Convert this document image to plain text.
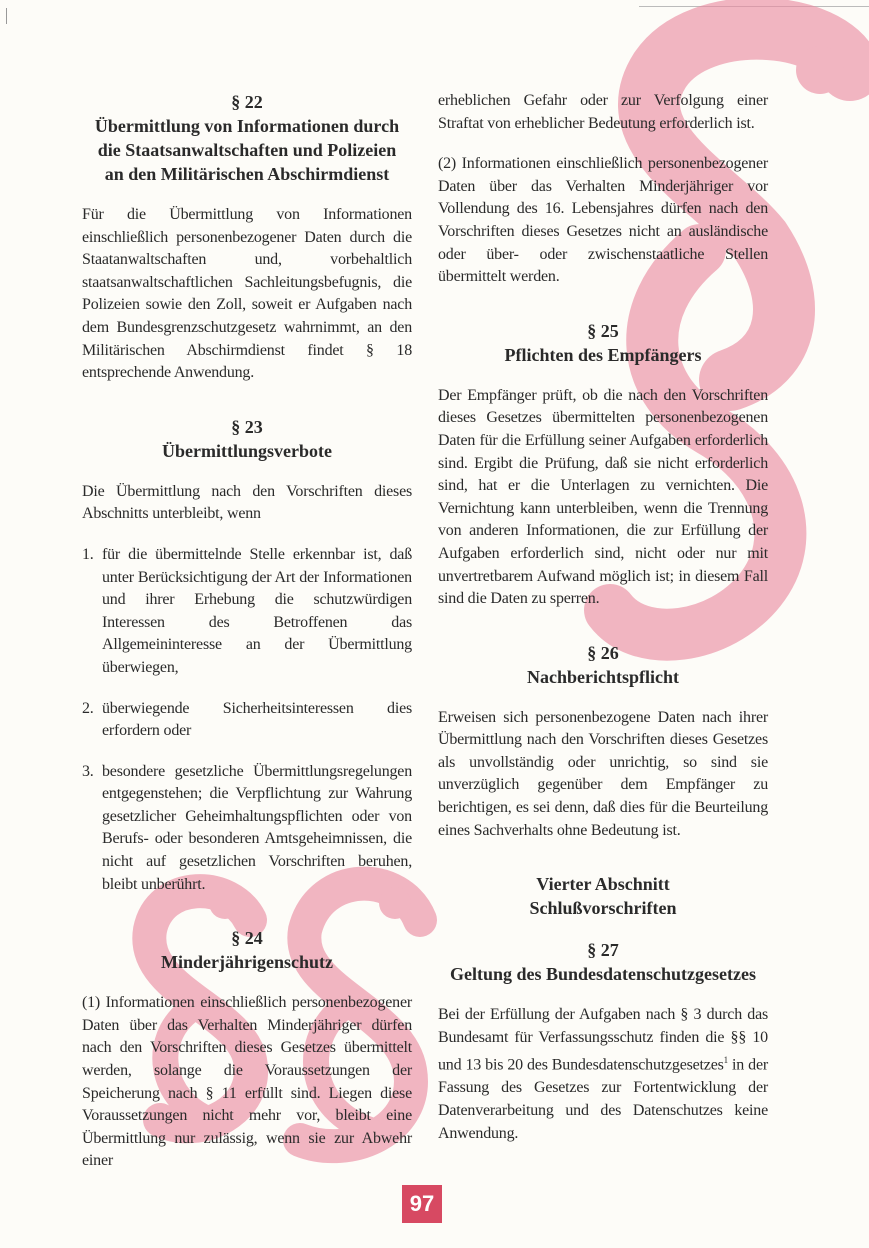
§ 22
Übermittlung von Informationen durch
die Staatsanwaltschaften und Polizeien
an den Militärischen Abschirmdienst

Für die Übermittlung von Informationen einschließlich personenbezogener Daten durch die Staatanwaltschaften und, vorbehaltlich staatsanwaltschaftlichen Sachleitungsbefugnis, die Polizeien sowie den Zoll, soweit er Aufgaben nach dem Bundesgrenzschutzgesetz wahrnimmt, an den Militärischen Abschirmdienst findet § 18 entsprechende Anwendung.

§ 23
Übermittlungsverbote

Die Übermittlung nach den Vorschriften dieses Abschnitts unterbleibt, wenn

1. für die übermittelnde Stelle erkennbar ist, daß unter Berücksichtigung der Art der Informationen und ihrer Erhebung die schutzwürdigen Interessen des Betroffenen das Allgemeininteresse an der Übermittlung überwiegen,
2. überwiegende Sicherheitsinteressen dies erfordern oder
3. besondere gesetzliche Übermittlungsregelungen entgegenstehen; die Verpflichtung zur Wahrung gesetzlicher Geheimhaltungspflichten oder von Berufs- oder besonderen Amtsgeheimnissen, die nicht auf gesetzlichen Vorschriften beruhen, bleibt unberührt.
§ 24
Minderjährigenschutz

(1) Informationen einschließlich personenbezogener Daten über das Verhalten Minderjähriger dürfen nach den Vorschriften dieses Gesetzes übermittelt werden, solange die Voraussetzungen der Speicherung nach § 11 erfüllt sind. Liegen diese Voraussetzungen nicht mehr vor, bleibt eine Übermittlung nur zulässig, wenn sie zur Abwehr einer

erheblichen Gefahr oder zur Verfolgung einer Straftat von erheblicher Bedeutung erforderlich ist.

(2) Informationen einschließlich personenbezogener Daten über das Verhalten Minderjähriger vor Vollendung des 16. Lebensjahres dürfen nach den Vorschriften dieses Gesetzes nicht an ausländische oder über- oder zwischenstaatliche Stellen übermittelt werden.

§ 25
Pflichten des Empfängers

Der Empfänger prüft, ob die nach den Vorschriften dieses Gesetzes übermittelten personenbezogenen Daten für die Erfüllung seiner Aufgaben erforderlich sind. Ergibt die Prüfung, daß sie nicht erforderlich sind, hat er die Unterlagen zu vernichten. Die Vernichtung kann unterbleiben, wenn die Trennung von anderen Informationen, die zur Erfüllung der Aufgaben erforderlich sind, nicht oder nur mit unvertretbarem Aufwand möglich ist; in diesem Fall sind die Daten zu sperren.

§ 26
Nachberichtspflicht

Erweisen sich personenbezogene Daten nach ihrer Übermittlung nach den Vorschriften dieses Gesetzes als unvollständig oder unrichtig, so sind sie unverzüglich gegenüber dem Empfänger zu berichtigen, es sei denn, daß dies für die Beurteilung eines Sachverhalts ohne Bedeutung ist.

Vierter Abschnitt
Schlußvorschriften
§ 27
Geltung des Bundesdatenschutzgesetzes

Bei der Erfüllung der Aufgaben nach § 3 durch das Bundesamt für Verfassungsschutz finden die §§ 10 und 13 bis 20 des Bundesdatenschutzgesetzes$^1$ in der Fassung des Gesetzes zur Fortentwicklung der Datenverarbeitung und des Datenschutzes keine Anwendung.

97
